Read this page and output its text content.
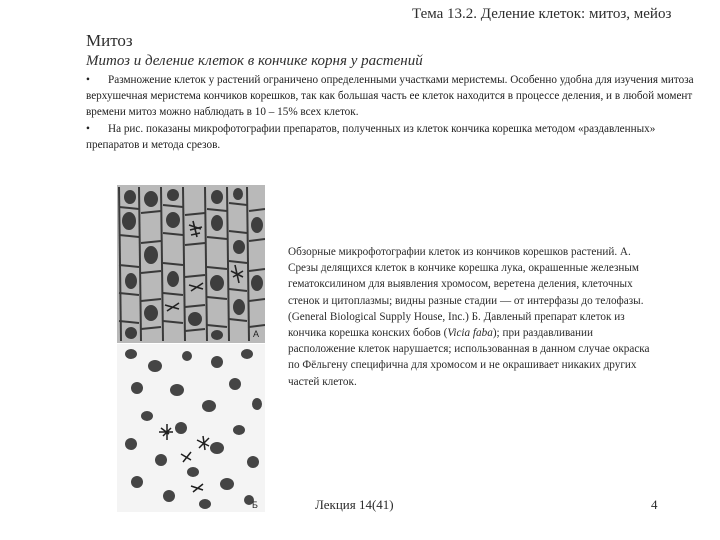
Тема 13.2. Деление клеток: митоз, мейоз
Митоз
Митоз и деление клеток в кончике корня у растений

• Размножение клеток у растений ограничено определенными участками меристемы. Особенно удобна для изучения митоза верхушечная меристема кончиков корешков, так как большая часть ее клеток находится в процессе деления, и в любой момент времени митоз можно наблюдать в 10 – 15% всех клеток.

• На рис. показаны микрофотографии препаратов, полученных из клеток кончика корешка методом «раздавленных» препаратов и метода срезов.

А
Б

Обзорные микрофотографии клеток из кончиков корешков растений. А. Срезы делящихся клеток в кончике корешка лука, окрашенные железным гематоксилином для выявления хромосом, веретена деления, клеточных стенок и цитоплазмы; видны разные стадии — от интерфазы до телофазы. (General Biological Supply House, Inc.) Б. Давленый препарат клеток из кончика корешка конских бобов (Vicia faba); при раздавливании расположение клеток нарушается; использованная в данном случае окраска по Фёльгену специфична для хромосом и не окрашивает никаких других частей клеток.

Лекция 14(41)	4
